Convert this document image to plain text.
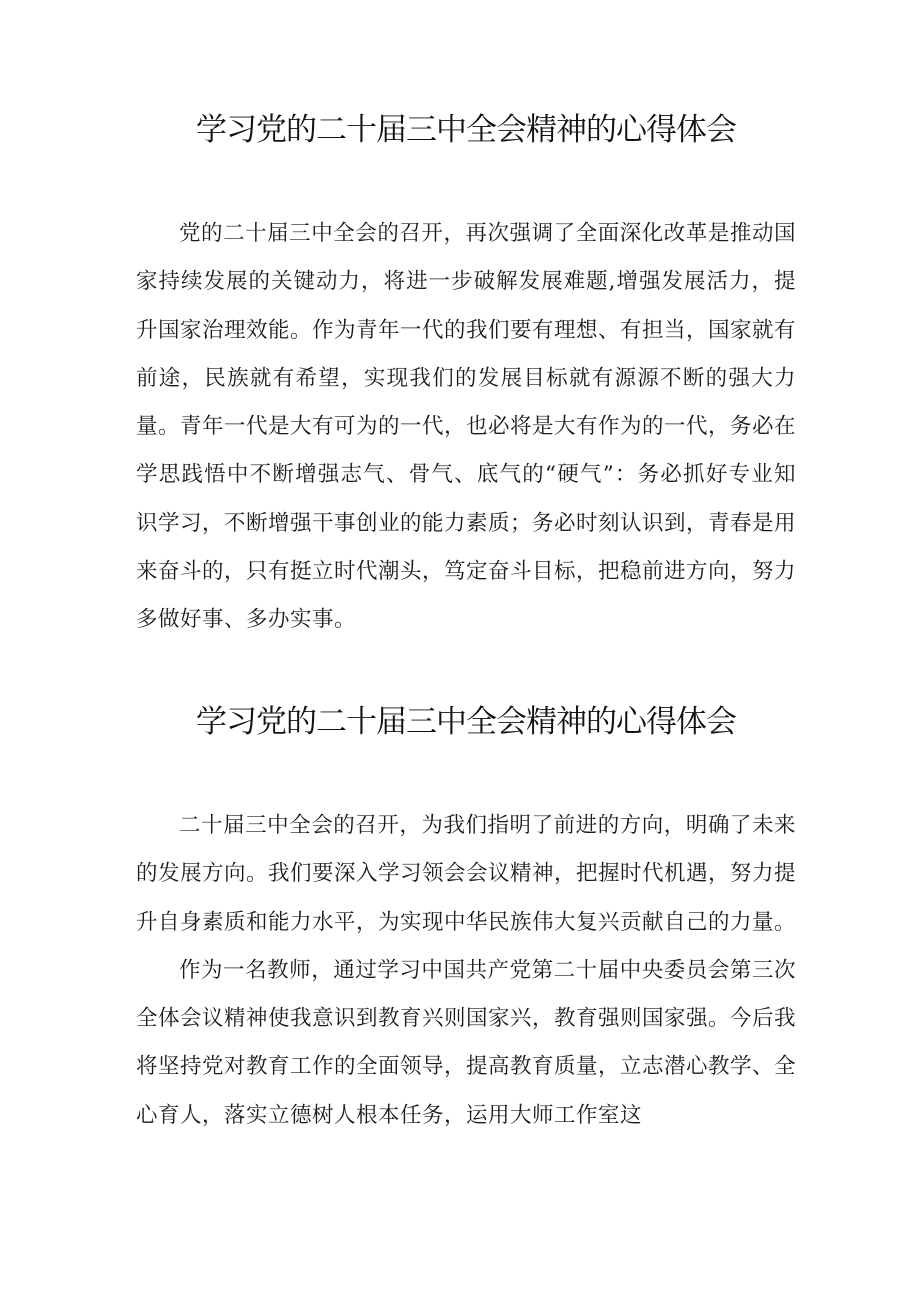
学习党的二十届三中全会精神的心得体会

党的二十届三中全会的召开，再次强调了全面深化改革是推动国家持续发展的关键动力，将进一步破解发展难题,增强发展活力，提升国家治理效能。作为青年一代的我们要有理想、有担当，国家就有前途，民族就有希望，实现我们的发展目标就有源源不断的强大力量。青年一代是大有可为的一代，也必将是大有作为的一代，务必在学思践悟中不断增强志气、骨气、底气的“硬气”：务必抓好专业知识学习，不断增强干事创业的能力素质；务必时刻认识到，青春是用来奋斗的，只有挺立时代潮头，笃定奋斗目标，把稳前进方向，努力多做好事、多办实事。

学习党的二十届三中全会精神的心得体会

二十届三中全会的召开，为我们指明了前进的方向，明确了未来的发展方向。我们要深入学习领会会议精神，把握时代机遇，努力提升自身素质和能力水平，为实现中华民族伟大复兴贡献自己的力量。

作为一名教师，通过学习中国共产党第二十届中央委员会第三次全体会议精神使我意识到教育兴则国家兴，教育强则国家强。今后我将坚持党对教育工作的全面领导，提高教育质量，立志潜心教学、全心育人，落实立德树人根本任务，运用大师工作室这
